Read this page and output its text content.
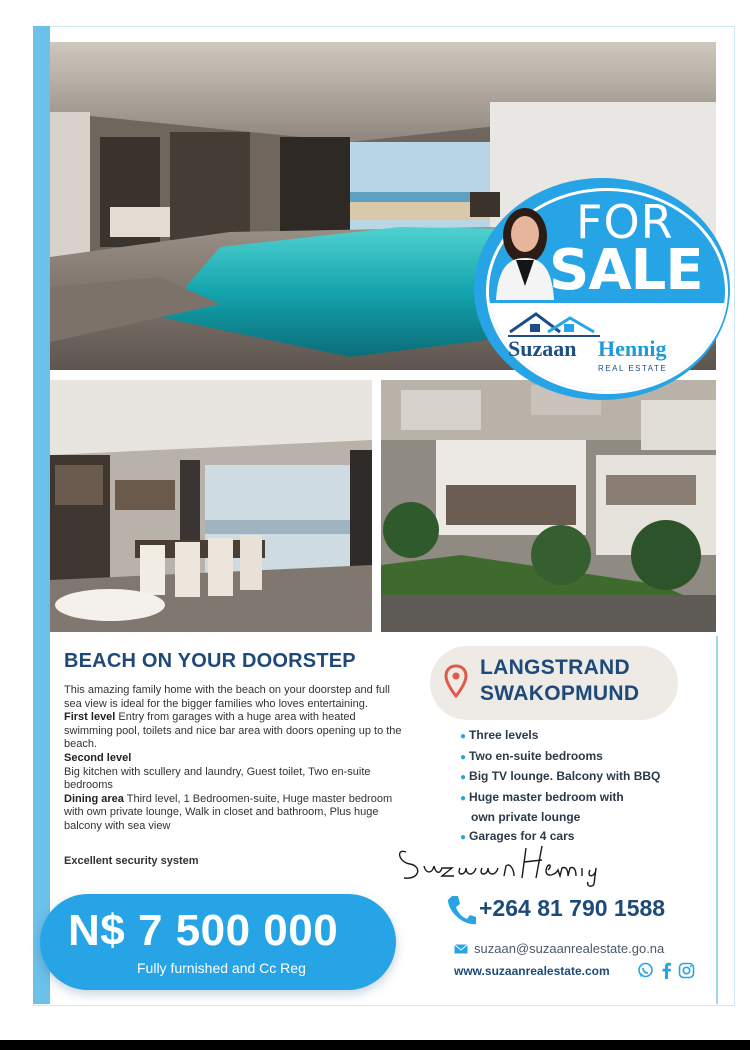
FOR
SALE
Suzaan Hennig
REAL ESTATE
BEACH ON YOUR DOORSTEP
This amazing family home with the beach on your doorstep and full sea view is ideal for the bigger families who loves entertaining.
First level Entry from garages with a huge area with heated swimming pool, toilets and nice bar area with doors opening up to the beach.
Second level
Big kitchen with scullery and laundry, Guest toilet, Two en-suite bedrooms
Dining area Third level, 1 Bedroomen-suite, Huge master bedroom with own private lounge, Walk in closet and bathroom, Plus huge balcony with sea view
Excellent security system
LANGSTRAND
SWAKOPMUND
● Three levels
● Two en-suite bedrooms
● Big TV lounge. Balcony with BBQ
● Huge master bedroom with
own private lounge
● Garages for 4 cars
+264 81 790 1588
suzaan@suzaanrealestate.go.na
www.suzaanrealestate.com
N$ 7 500 000
Fully furnished and Cc Reg
